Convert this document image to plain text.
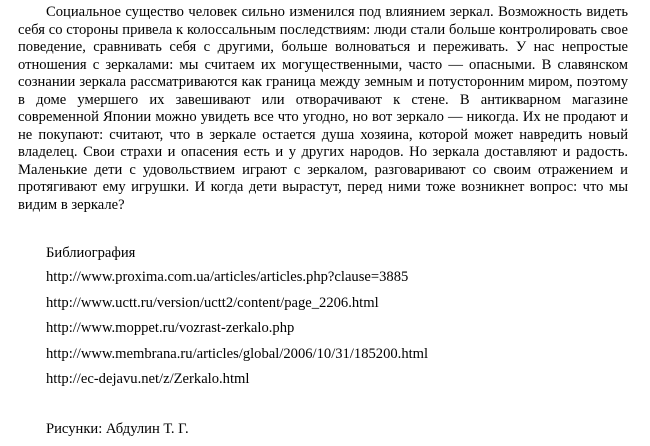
Социальное существо человек сильно изменился под влиянием зеркал. Возможность видеть себя со стороны привела к колоссальным последствиям: люди стали больше контролировать свое поведение, сравнивать себя с другими, больше волноваться и переживать. У нас непростые отношения с зеркалами: мы считаем их могущественными, часто — опасными. В славянском сознании зеркала рассматриваются как граница между земным и потусторонним миром, поэтому в доме умершего их завешивают или отворачивают к стене. В антикварном магазине современной Японии можно увидеть все что угодно, но вот зеркало — никогда. Их не продают и не покупают: считают, что в зеркале остается душа хозяина, которой может навредить новый владелец. Свои страхи и опасения есть и у других народов. Но зеркала доставляют и радость. Маленькие дети с удовольствием играют с зеркалом, разговаривают со своим отражением и протягивают ему игрушки. И когда дети вырастут, перед ними тоже возникнет вопрос: что мы видим в зеркале?

Библиография

http://www.proxima.com.ua/articles/articles.php?clause=3885
http://www.uctt.ru/version/uctt2/content/page_2206.html
http://www.moppet.ru/vozrast-zerkalo.php
http://www.membrana.ru/articles/global/2006/10/31/185200.html
http://ec-dejavu.net/z/Zerkalo.html

Рисунки: Абдулин Т. Г.
